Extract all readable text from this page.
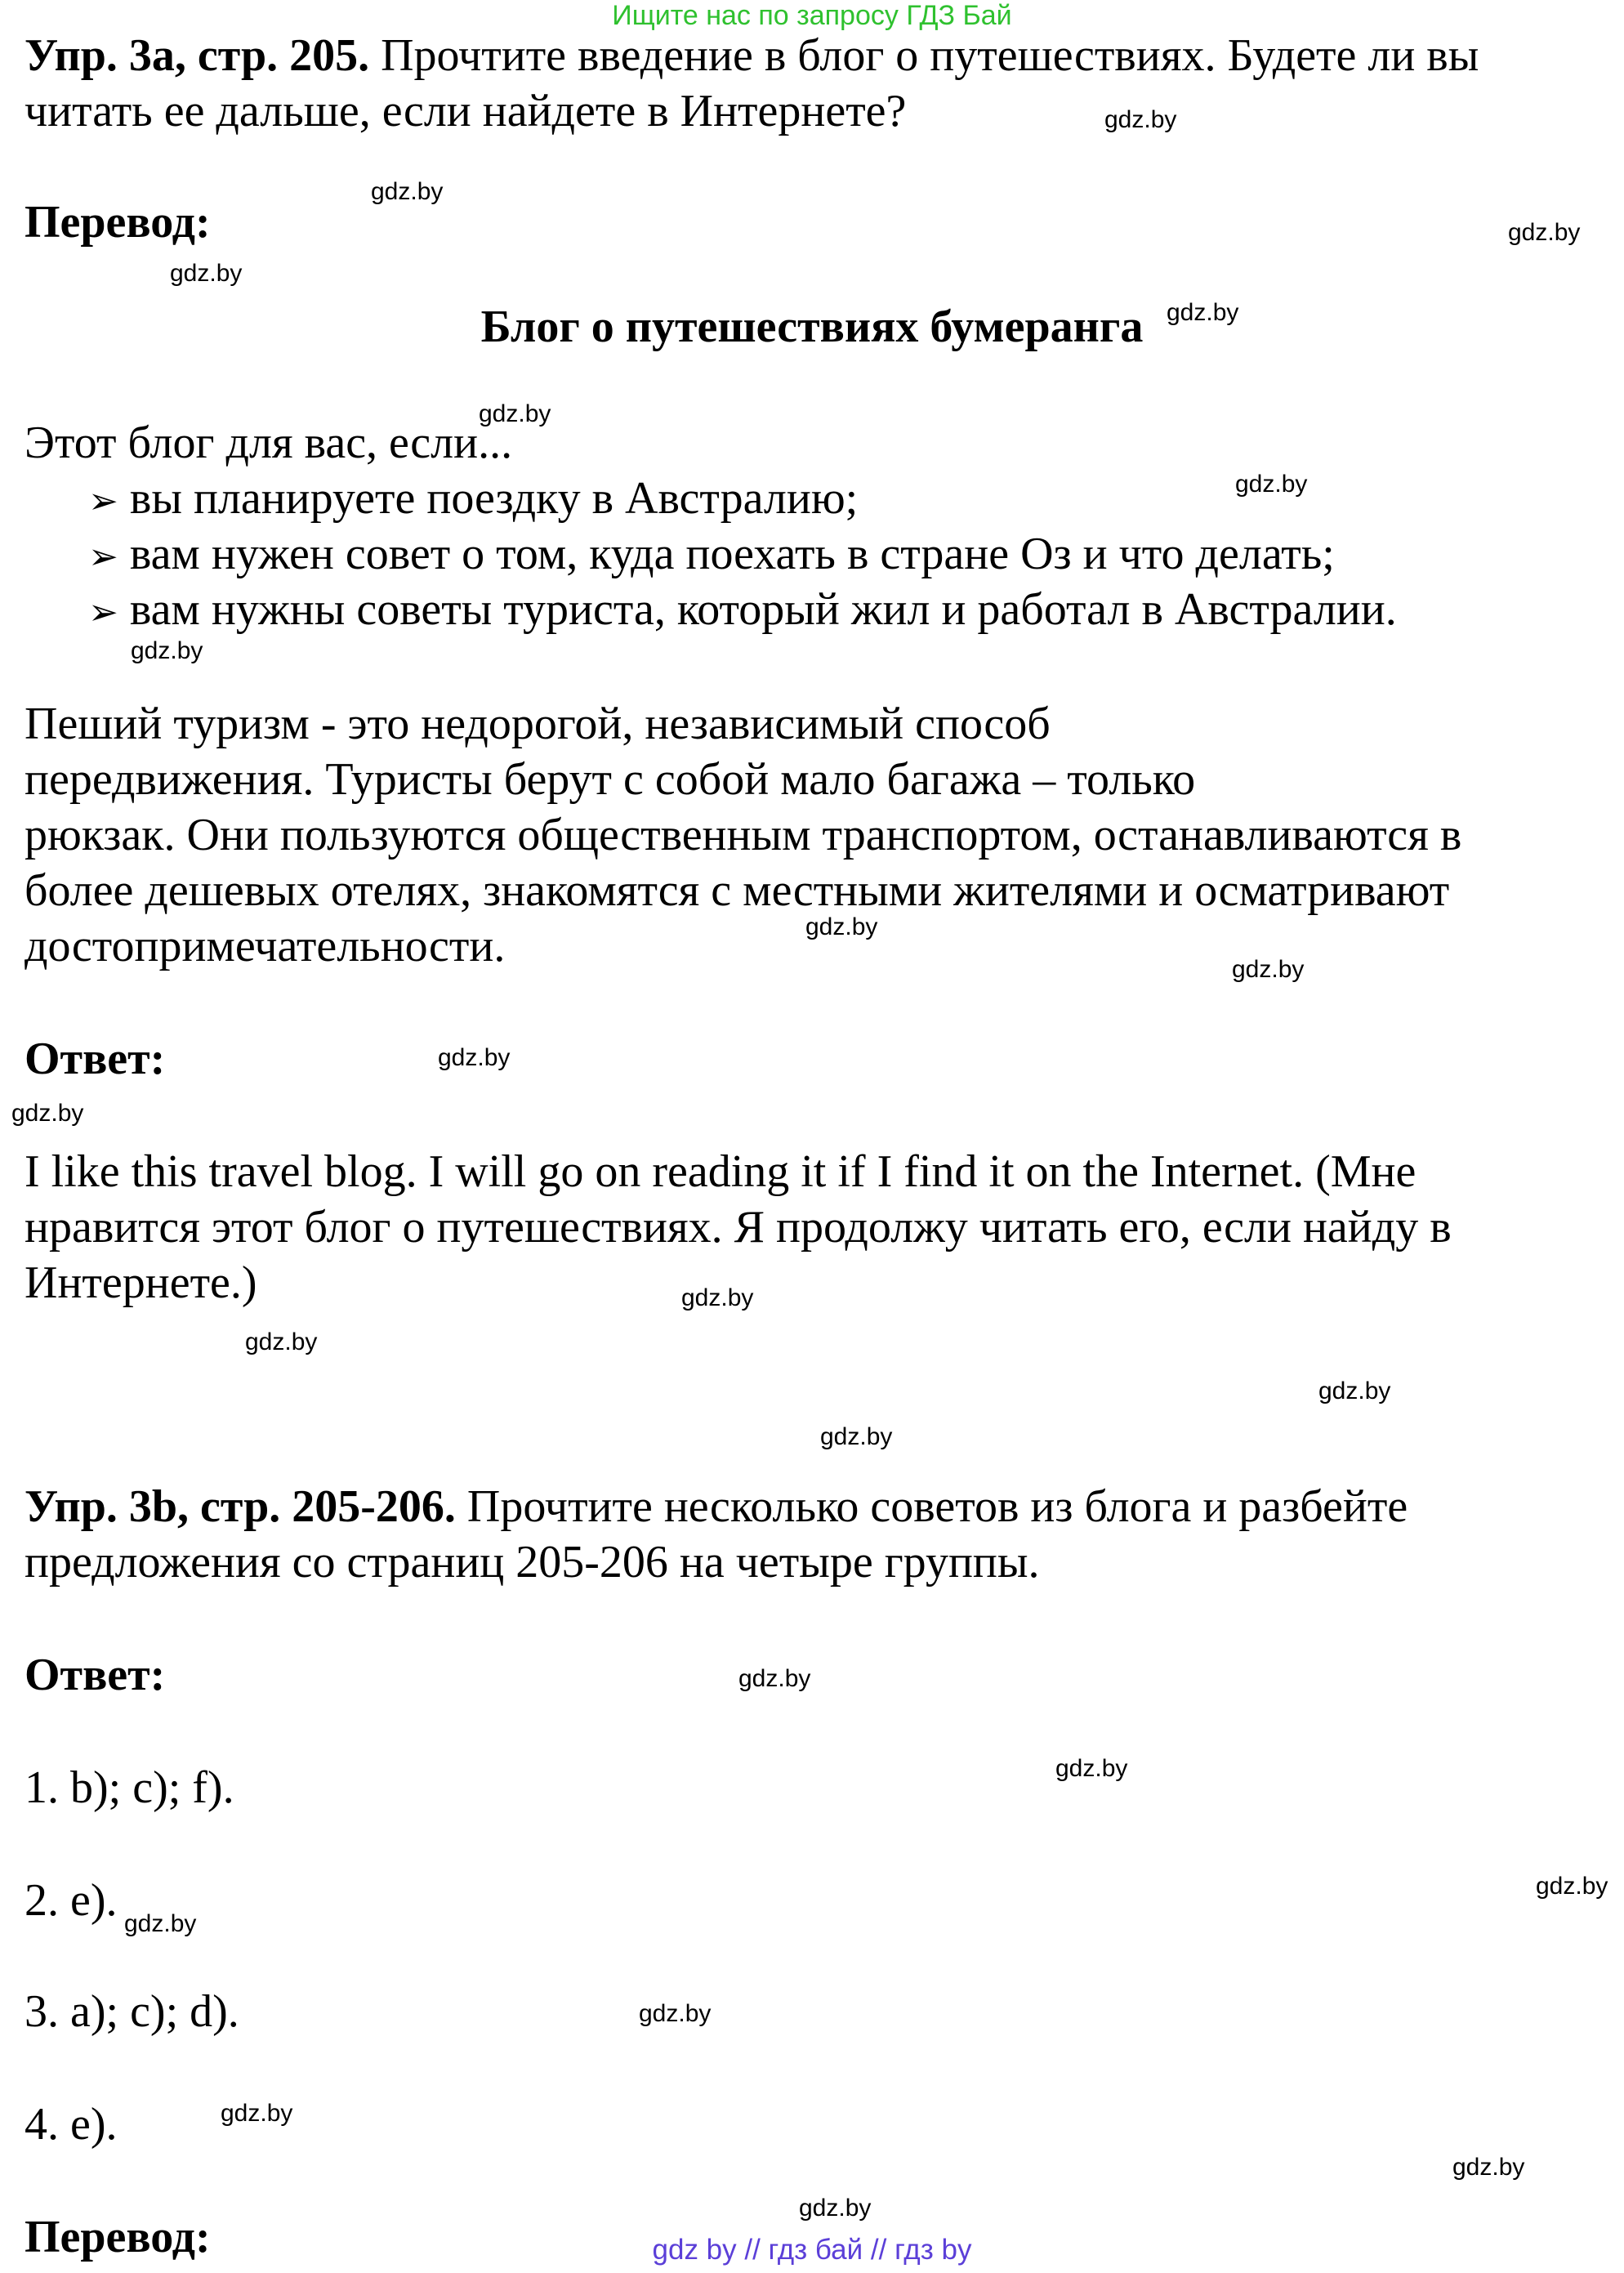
Ищите нас по запросу ГДЗ Бай
Упр. 3а, стр. 205. Прочтите введение в блог о путешествиях. Будете ли вы
читать ее дальше, если найдете в Интернете?
Перевод:
Блог о путешествиях бумеранга
Этот блог для вас, если...
➢ вы планируете поездку в Австралию;
➢ вам нужен совет о том, куда поехать в стране Оз и что делать;
➢ вам нужны советы туриста, который жил и работал в Австралии.
Пеший туризм - это недорогой, независимый способ
передвижения. Туристы берут с собой мало багажа – только
рюкзак. Они пользуются общественным транспортом, останавливаются в
более дешевых отелях, знакомятся с местными жителями и осматривают
достопримечательности.
Ответ:
I like this travel blog. I will go on reading it if I find it on the Internet. (Мне
нравится этот блог о путешествиях. Я продолжу читать его, если найду в
Интернете.)
Упр. 3b, стр. 205-206. Прочтите несколько советов из блога и разбейте
предложения со страниц 205-206 на четыре группы.
Ответ:
1. b); c); f).
2. e).
3. a); c); d).
4. e).
Перевод:
gdz.by
gdz.by
gdz.by
gdz.by
gdz.by
gdz.by
gdz.by
gdz.by
gdz.by
gdz.by
gdz.by
gdz.by
gdz.by
gdz.by
gdz.by
gdz.by
gdz.by
gdz.by
gdz.by
gdz.by
gdz.by
gdz.by
gdz.by
gdz.by
gdz by // гдз бай // гдз by
